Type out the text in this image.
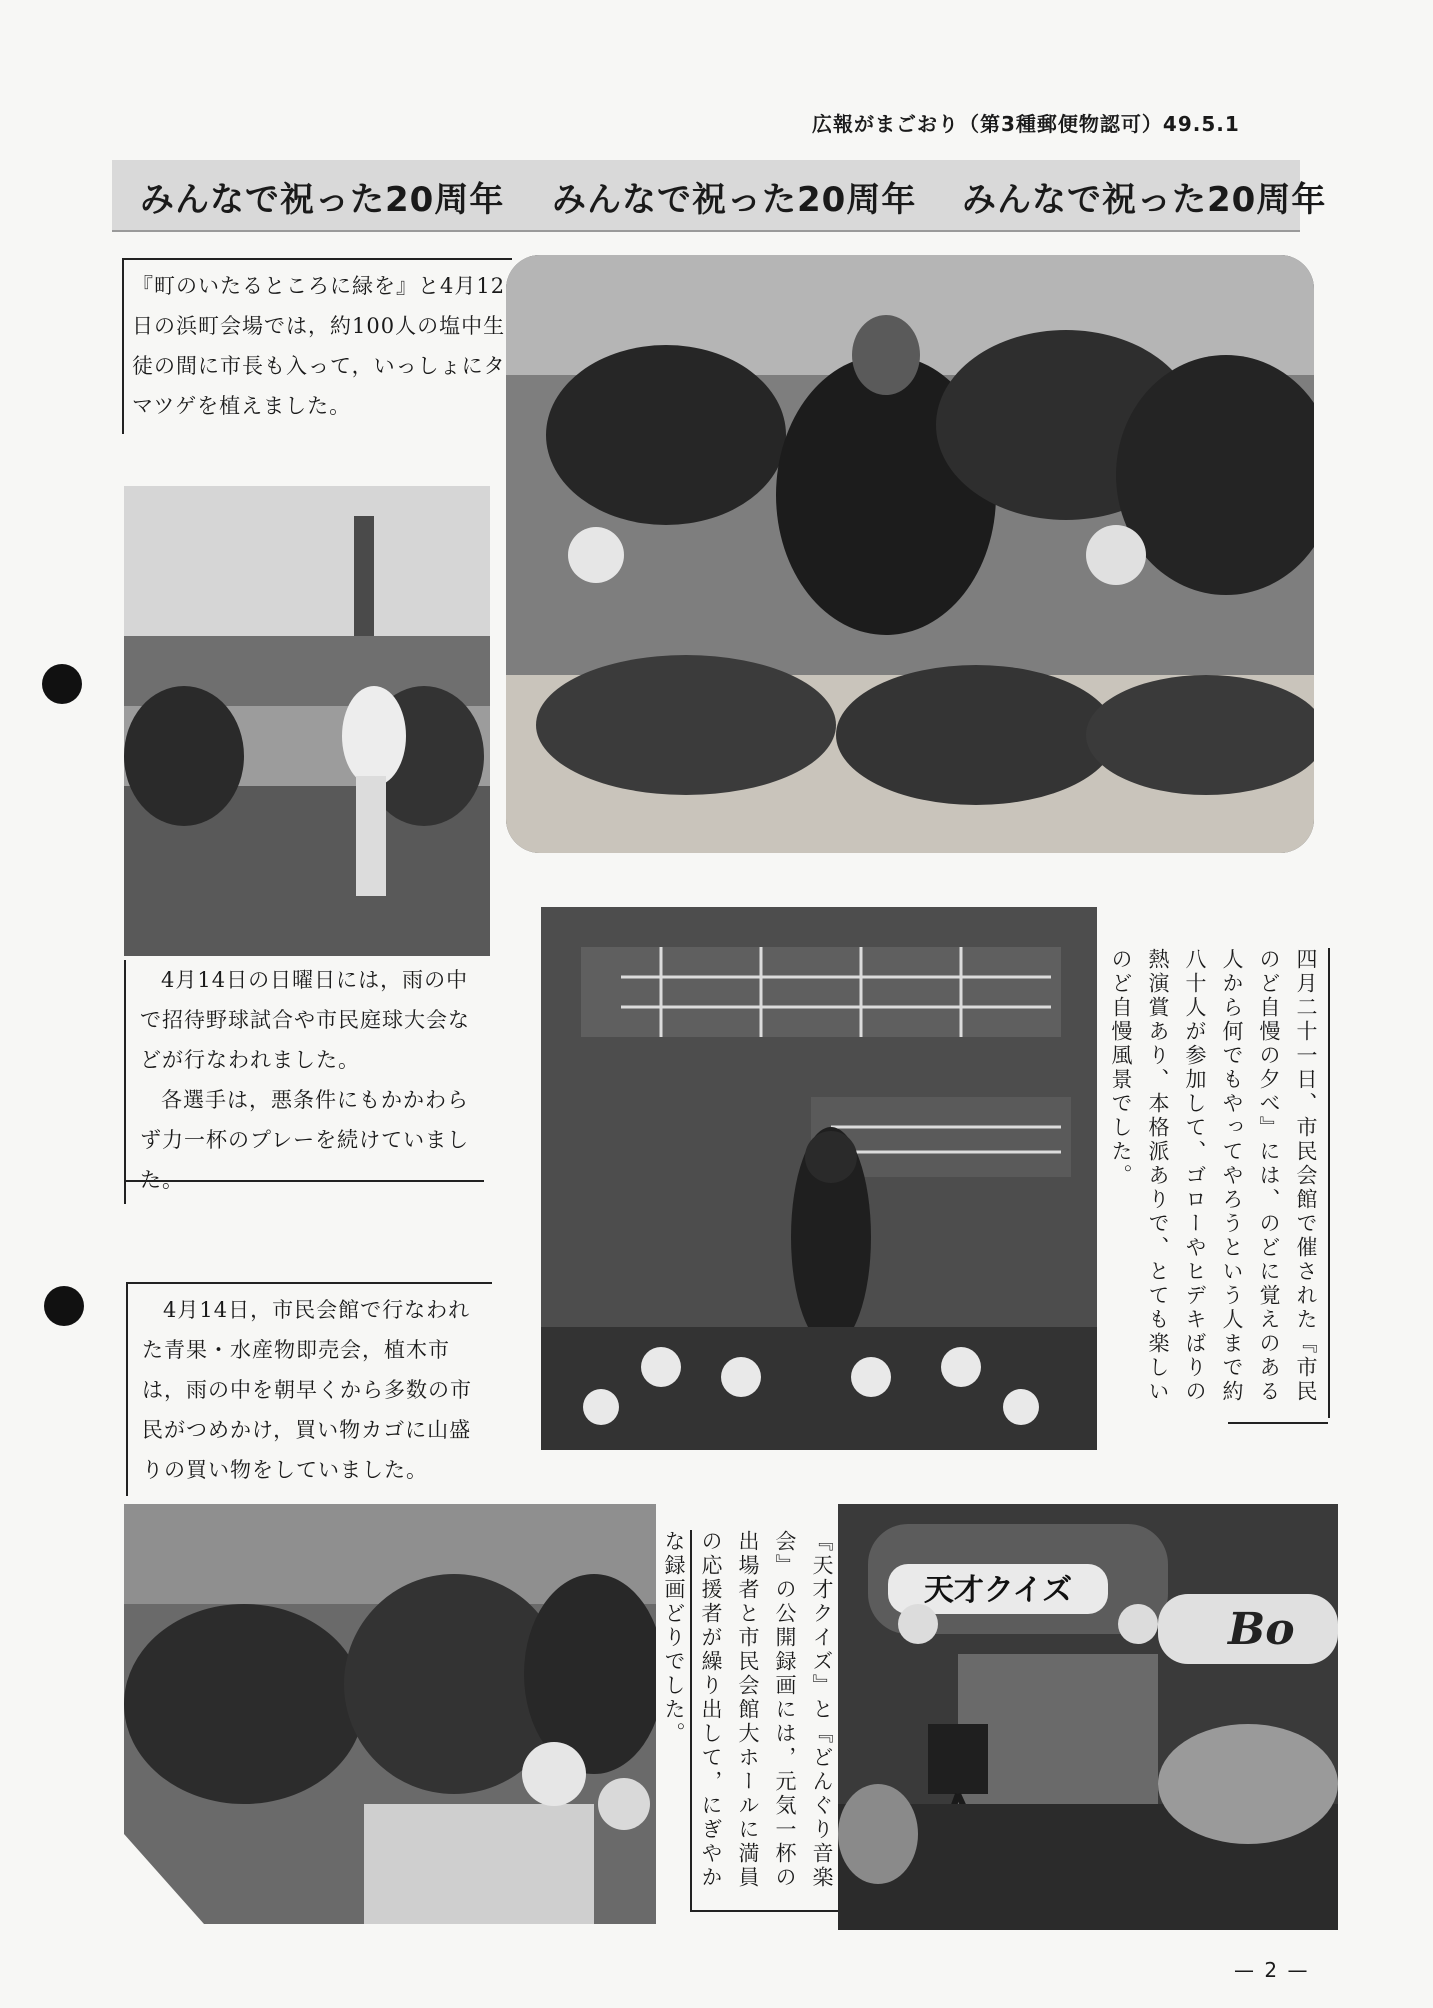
広報がまごおり（第3種郵便物認可）49.5.1
みんなで祝った20周年 みんなで祝った20周年 みんなで祝った20周年

『町のいたるところに緑を』と4月12日の浜町会場では，約100人の塩中生徒の間に市長も入って，いっしょにタマツゲを植えました。

4月14日の日曜日には，雨の中で招待野球試合や市民庭球大会などが行なわれました。

各選手は，悪条件にもかかわらず力一杯のプレーを続けていました。	四月二十一日、市民会館で催された『市民のど自慢の夕べ』には、のどに覚えのある人から何でもやってやろうという人まで約八十人が参加して、ゴローやヒデキばりの熱演賞あり、本格派ありで、とても楽しいのど自慢風景でした。

4月14日，市民会館で行なわれた青果・水産物即売会，植木市は，雨の中を朝早くから多数の市民がつめかけ，買い物カゴに山盛りの買い物をしていました。

『天才クイズ』と『どんぐり音楽会』の公開録画には，元気一杯の出場者と市民会館大ホールに満員の応援者が繰り出して，にぎやかな録画どりでした。	天才クイズ
Bo
— 2 —
